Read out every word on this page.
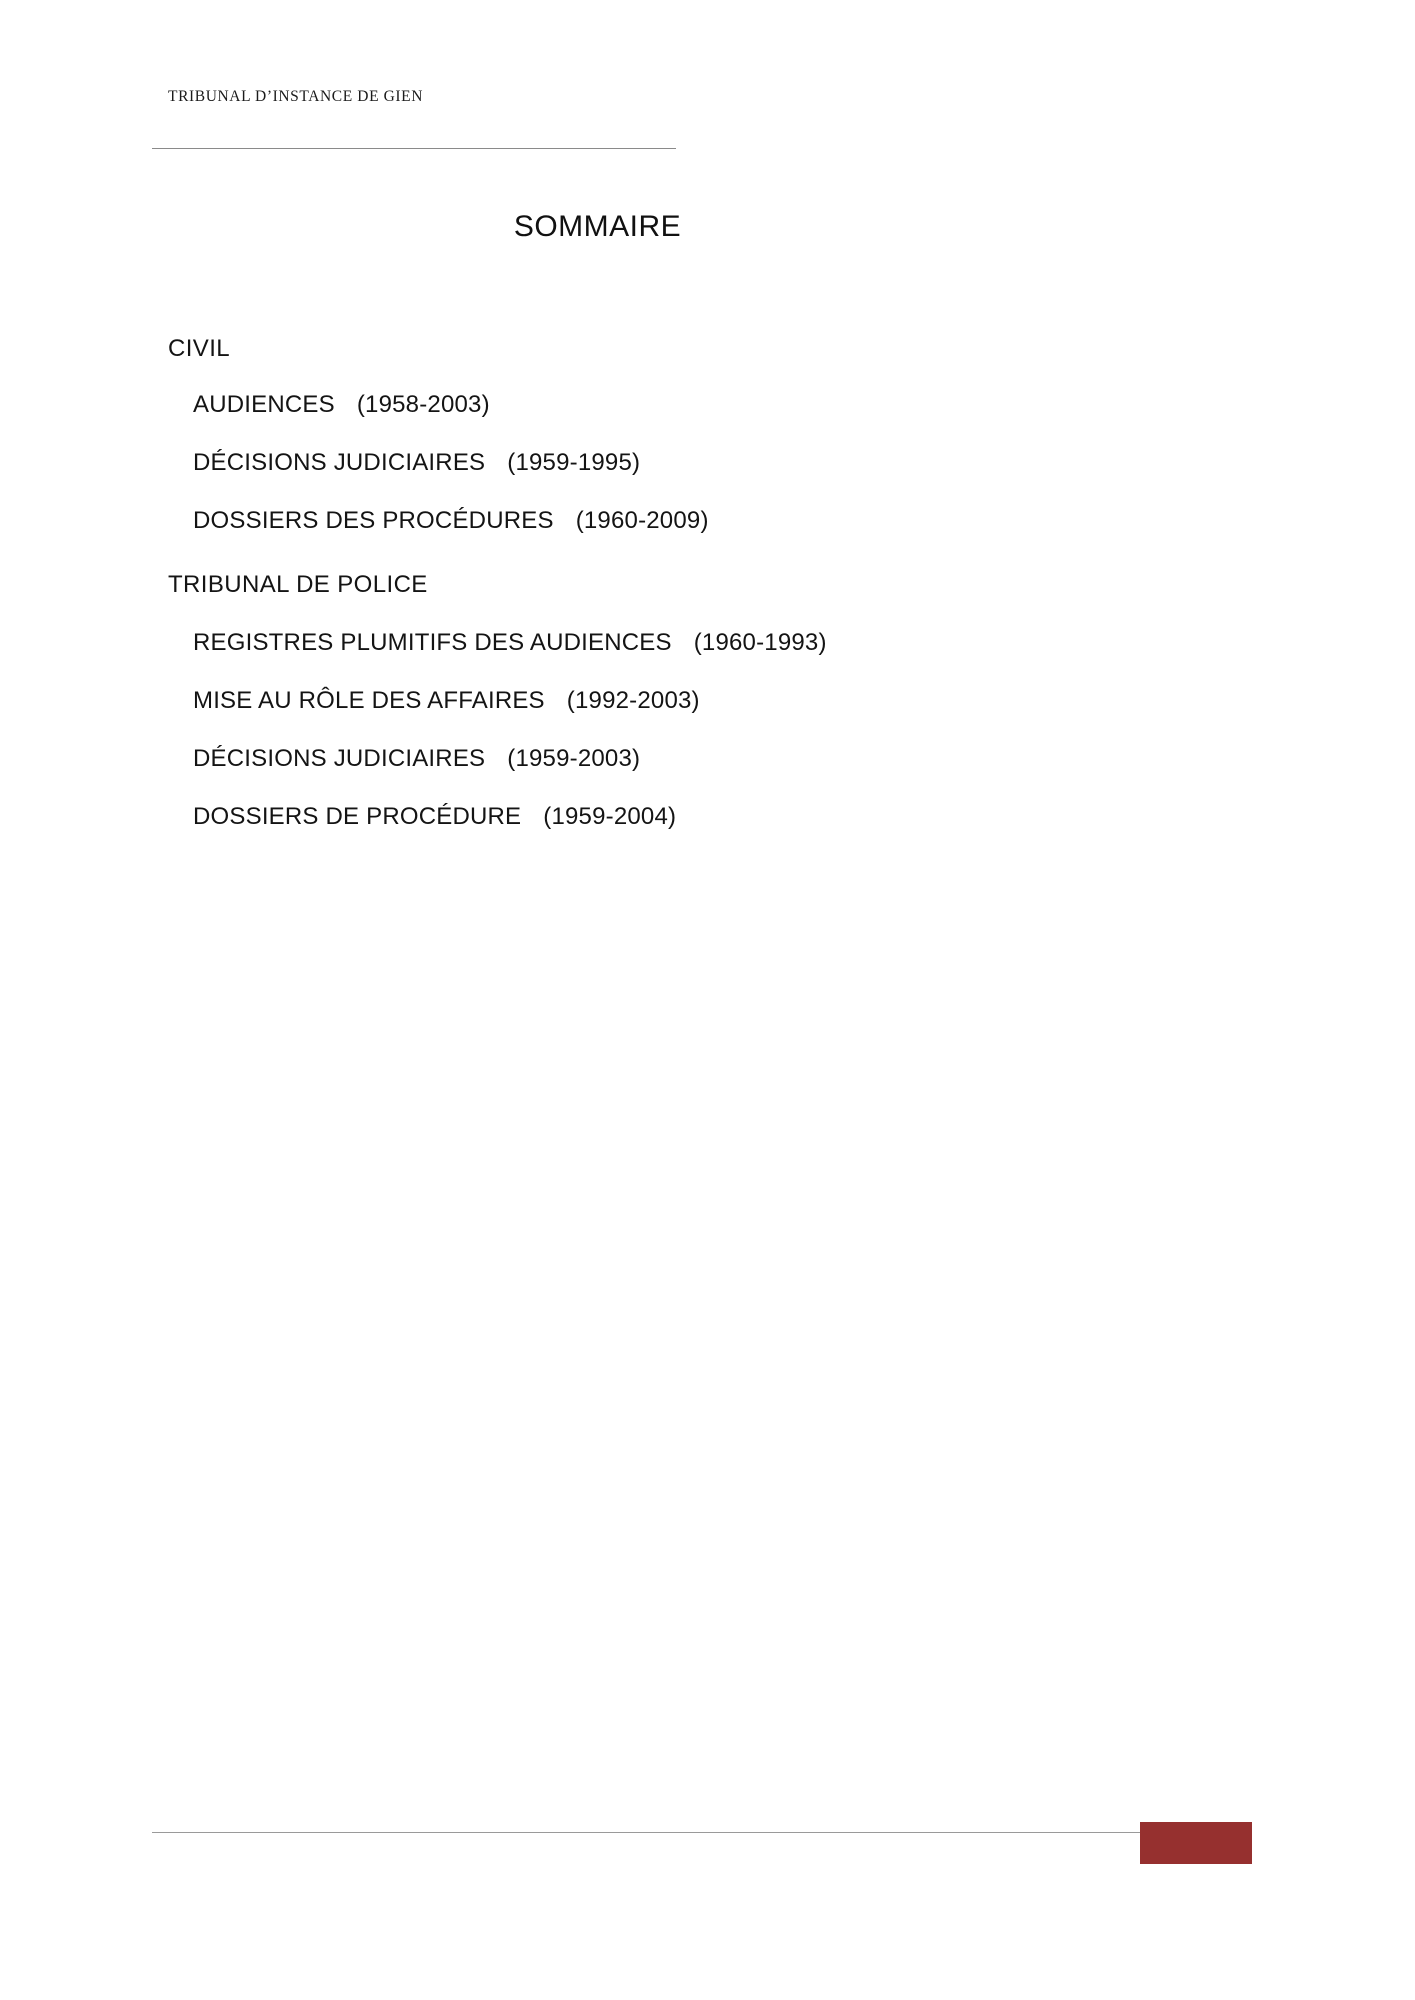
TRIBUNAL D’INSTANCE DE GIEN
SOMMAIRE
CIVIL
AUDIENCES (1958-2003)
DÉCISIONS JUDICIAIRES (1959-1995)
DOSSIERS DES PROCÉDURES (1960-2009)
TRIBUNAL DE POLICE
REGISTRES PLUMITIFS DES AUDIENCES (1960-1993)
MISE AU RÔLE DES AFFAIRES (1992-2003)
DÉCISIONS JUDICIAIRES (1959-2003)
DOSSIERS DE PROCÉDURE (1959-2004)
